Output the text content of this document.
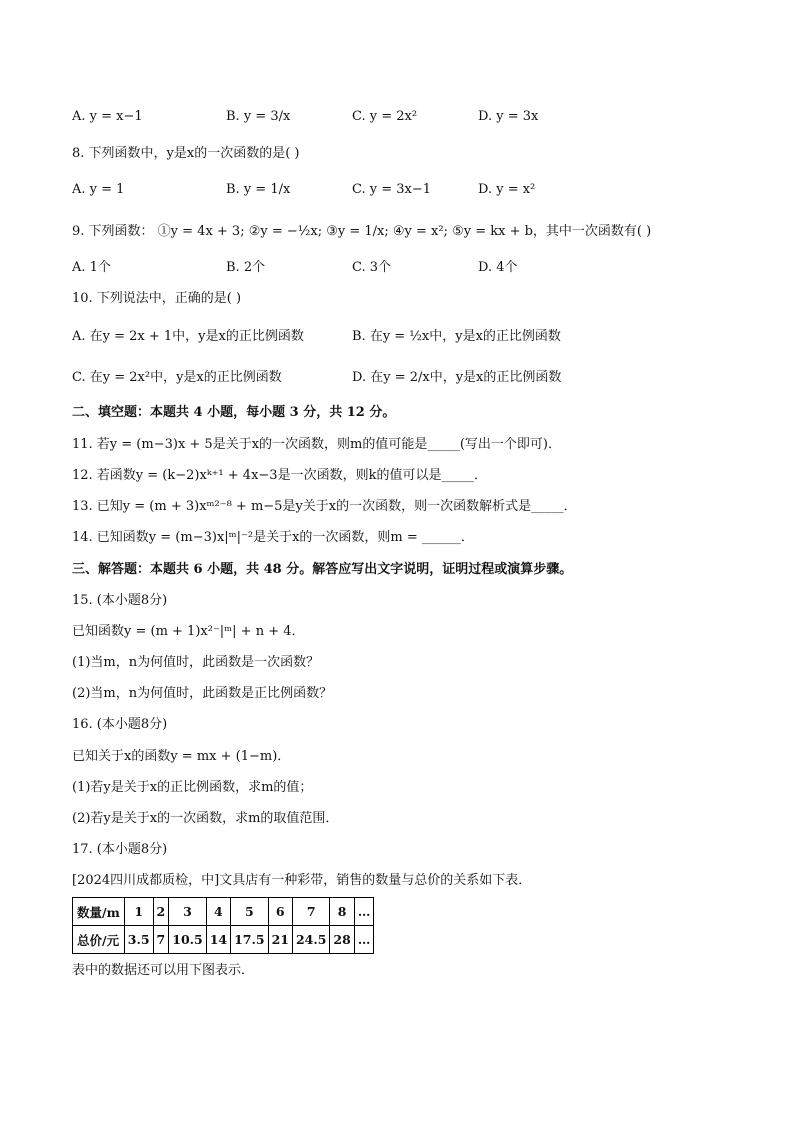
A. y = x−1	B. y = 3/x	C. y = 2x²	D. y = 3x
8. 下列函数中，y是x的一次函数的是( )
A. y = 1	B. y = 1/x	C. y = 3x−1	D. y = x²
9. 下列函数： ①y = 4x + 3; ②y = −½x; ③y = 1/x; ④y = x²; ⑤y = kx + b，其中一次函数有( )
A. 1个	B. 2个	C. 3个	D. 4个
10. 下列说法中，正确的是( )
A. 在y = 2x + 1中，y是x的正比例函数	B. 在y = ½x中，y是x的正比例函数
C. 在y = 2x²中，y是x的正比例函数	D. 在y = 2/x中，y是x的正比例函数
二、填空题：本题共 4 小题，每小题 3 分，共 12 分。
11. 若y = (m−3)x + 5是关于x的一次函数，则m的值可能是_____(写出一个即可)．
12. 若函数y = (k−2)xᵏ⁺¹ + 4x−3是一次函数，则k的值可以是_____．
13. 已知y = (m + 3)xᵐ²⁻⁸ + m−5是y关于x的一次函数，则一次函数解析式是_____．
14. 已知函数y = (m−3)x|ᵐ|⁻²是关于x的一次函数，则m = ______．
三、解答题：本题共 6 小题，共 48 分。解答应写出文字说明，证明过程或演算步骤。
15. (本小题8分)
已知函数y = (m + 1)x²⁻|ᵐ| + n + 4．
(1)当m，n为何值时，此函数是一次函数？
(2)当m，n为何值时，此函数是正比例函数？
16. (本小题8分)
已知关于x的函数y = mx + (1−m)．
(1)若y是关于x的正比例函数，求m的值；
(2)若y是关于x的一次函数，求m的取值范围．
17. (本小题8分)
[2024四川成都质检，中]文具店有一种彩带，销售的数量与总价的关系如下表．
数量/m	1	2	3	4	5	6	7	8	…
总价/元	3.5	7	10.5	14	17.5	21	24.5	28	…
表中的数据还可以用下图表示．
